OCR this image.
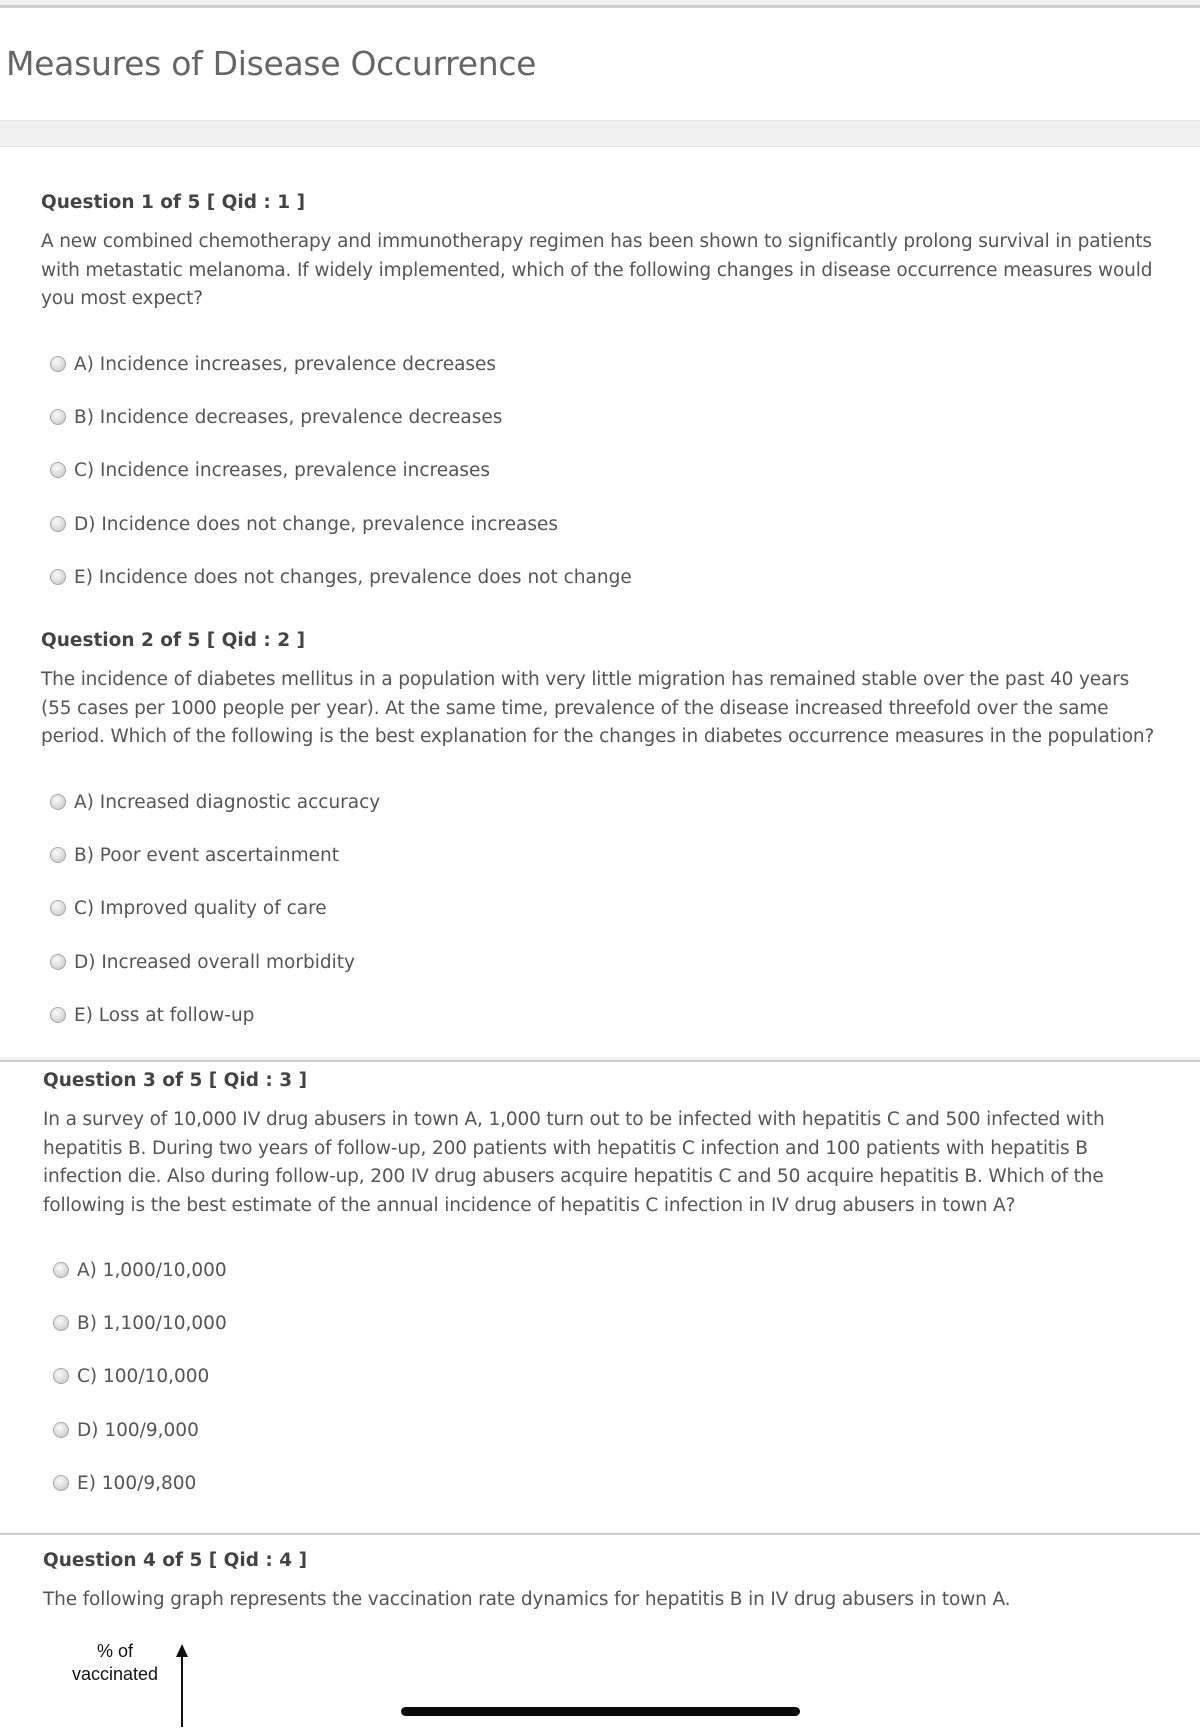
Measures of Disease Occurrence
Question 1 of 5 [ Qid : 1 ]
A new combined chemotherapy and immunotherapy regimen has been shown to significantly prolong survival in patients with metastatic melanoma. If widely implemented, which of the following changes in disease occurrence measures would you most expect?
A) Incidence increases, prevalence decreases
B) Incidence decreases, prevalence decreases
C) Incidence increases, prevalence increases
D) Incidence does not change, prevalence increases
E) Incidence does not changes, prevalence does not change
Question 2 of 5 [ Qid : 2 ]
The incidence of diabetes mellitus in a population with very little migration has remained stable over the past 40 years (55 cases per 1000 people per year). At the same time, prevalence of the disease increased threefold over the same period. Which of the following is the best explanation for the changes in diabetes occurrence measures in the population?
A) Increased diagnostic accuracy
B) Poor event ascertainment
C) Improved quality of care
D) Increased overall morbidity
E) Loss at follow-up
Question 3 of 5 [ Qid : 3 ]
In a survey of 10,000 IV drug abusers in town A, 1,000 turn out to be infected with hepatitis C and 500 infected with hepatitis B. During two years of follow-up, 200 patients with hepatitis C infection and 100 patients with hepatitis B infection die. Also during follow-up, 200 IV drug abusers acquire hepatitis C and 50 acquire hepatitis B. Which of the following is the best estimate of the annual incidence of hepatitis C infection in IV drug abusers in town A?
A) 1,000/10,000
B) 1,100/10,000
C) 100/10,000
D) 100/9,000
E) 100/9,800
Question 4 of 5 [ Qid : 4 ]
The following graph represents the vaccination rate dynamics for hepatitis B in IV drug abusers in town A.
% of
vaccinated
